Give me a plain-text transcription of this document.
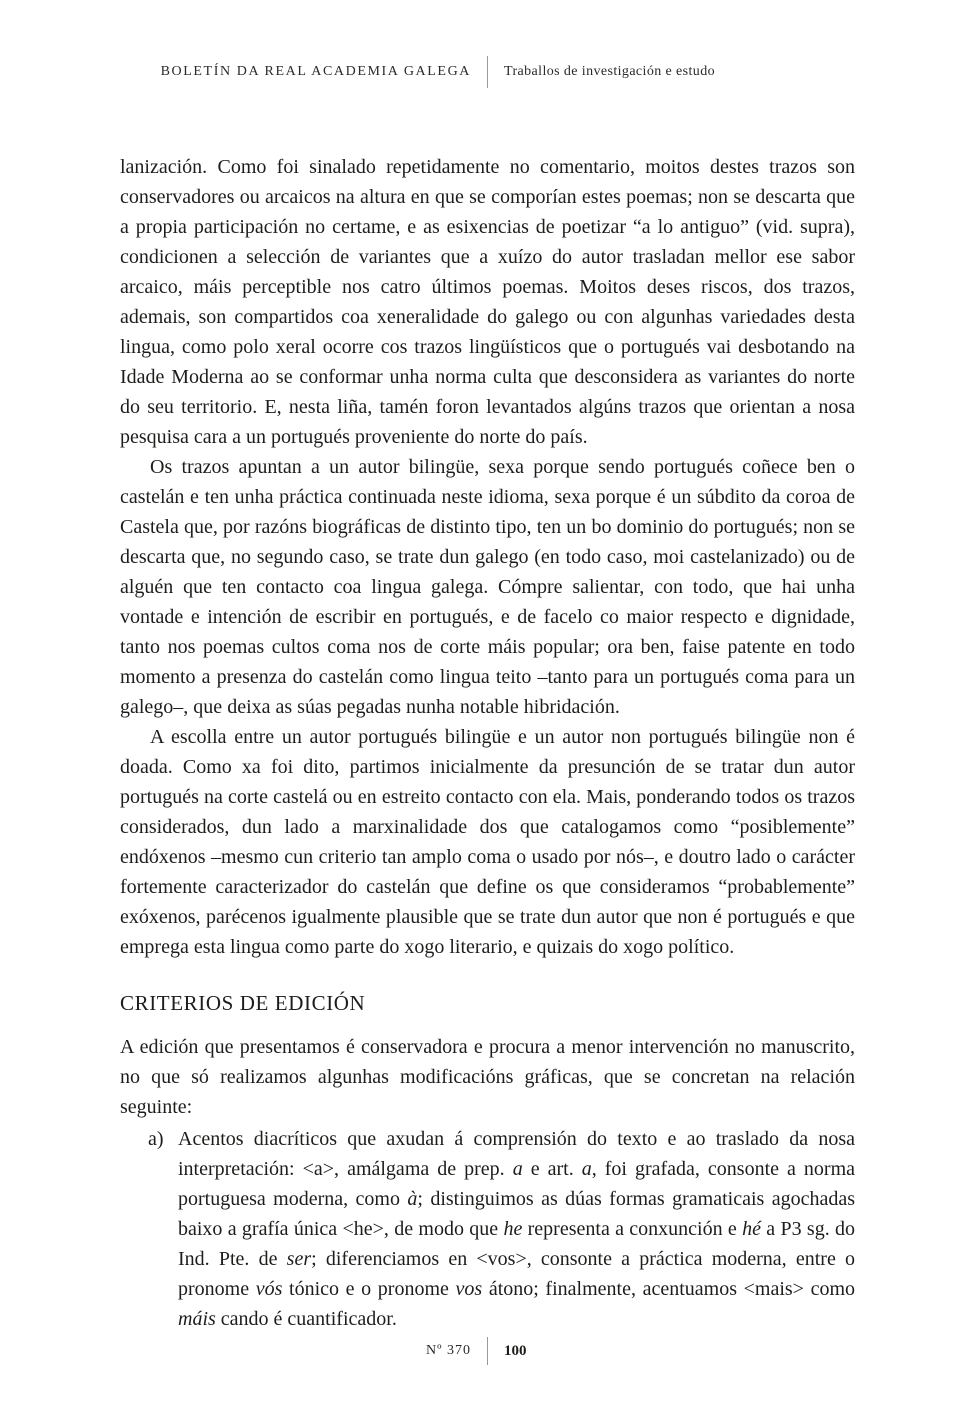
BOLETÍN DA REAL ACADEMIA GALEGA	Traballos de investigación e estudo

lanización. Como foi sinalado repetidamente no comentario, moitos destes trazos son conservadores ou arcaicos na altura en que se comporían estes poemas; non se descarta que a propia participación no certame, e as esixencias de poetizar “a lo antiguo” (vid. supra), condicionen a selección de variantes que a xuízo do autor trasladan mellor ese sabor arcaico, máis perceptible nos catro últimos poemas. Moitos deses riscos, dos trazos, ademais, son compartidos coa xeneralidade do galego ou con algunhas variedades desta lingua, como polo xeral ocorre cos trazos lingüísticos que o portugués vai desbotando na Idade Moderna ao se conformar unha norma culta que desconsidera as variantes do norte do seu territorio. E, nesta liña, tamén foron levantados algúns trazos que orientan a nosa pesquisa cara a un portugués proveniente do norte do país.

Os trazos apuntan a un autor bilingüe, sexa porque sendo portugués coñece ben o castelán e ten unha práctica continuada neste idioma, sexa porque é un súbdito da coroa de Castela que, por razóns biográficas de distinto tipo, ten un bo dominio do portugués; non se descarta que, no segundo caso, se trate dun galego (en todo caso, moi castelanizado) ou de alguén que ten contacto coa lingua galega. Cómpre salientar, con todo, que hai unha vontade e intención de escribir en portugués, e de facelo co maior respecto e dignidade, tanto nos poemas cultos coma nos de corte máis popular; ora ben, faise patente en todo momento a presenza do castelán como lingua teito –tanto para un portugués coma para un galego–, que deixa as súas pegadas nunha notable hibridación.

A escolla entre un autor portugués bilingüe e un autor non portugués bilingüe non é doada. Como xa foi dito, partimos inicialmente da presunción de se tratar dun autor portugués na corte castelá ou en estreito contacto con ela. Mais, ponderando todos os trazos considerados, dun lado a marxinalidade dos que catalogamos como “posiblemente” endóxenos –mesmo cun criterio tan amplo coma o usado por nós–, e doutro lado o carácter fortemente caracterizador do castelán que define os que consideramos “probablemente” exóxenos, parécenos igualmente plausible que se trate dun autor que non é portugués e que emprega esta lingua como parte do xogo literario, e quizais do xogo político.

CRITERIOS DE EDICIÓN

A edición que presentamos é conservadora e procura a menor intervención no manuscrito, no que só realizamos algunhas modificacións gráficas, que se concretan na relación seguinte:

a) Acentos diacríticos que axudan á comprensión do texto e ao traslado da nosa interpretación: <a>, amálgama de prep. a e art. a, foi grafada, consonte a norma portuguesa moderna, como à; distinguimos as dúas formas gramaticais agochadas baixo a grafía única <he>, de modo que he representa a conxunción e hé a P3 sg. do Ind. Pte. de ser; diferenciamos en <vos>, consonte a práctica moderna, entre o pronome vós tónico e o pronome vos átono; finalmente, acentuamos <mais> como máis cando é cuantificador.
Nº 370	100
